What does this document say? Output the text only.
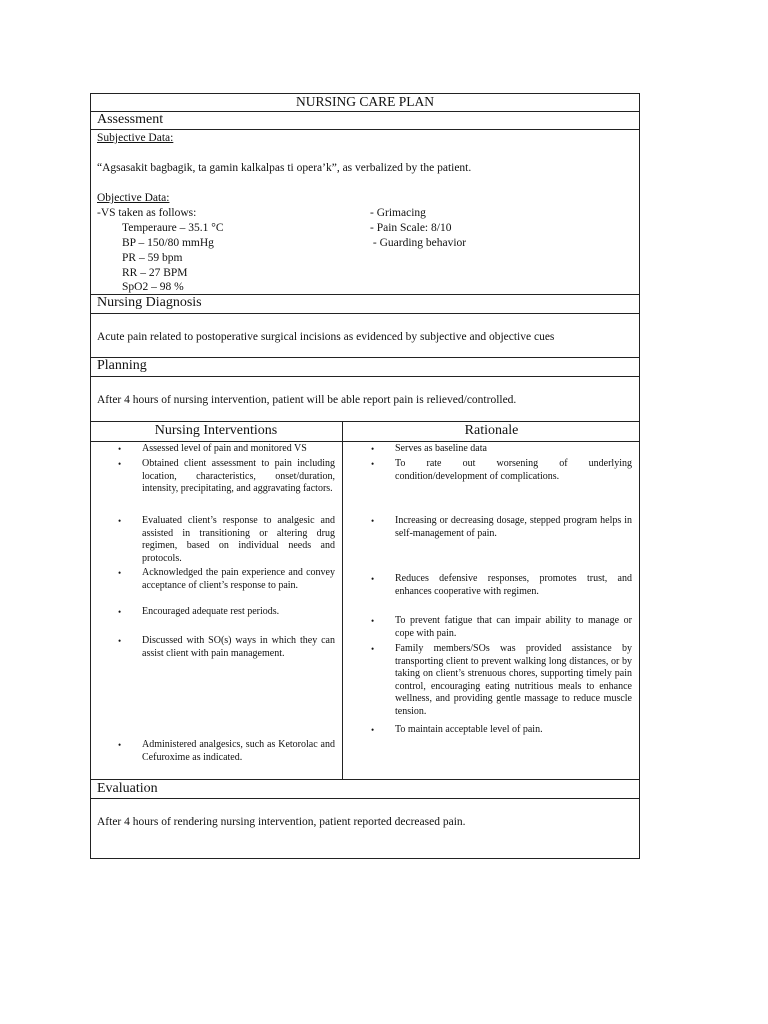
NURSING CARE PLAN
Assessment
Subjective Data:
“Agsasakit bagbagik, ta gamin kalkalpas ti opera’k”, as verbalized by the patient.
Objective Data:
-VS taken as follows:
Temperaure – 35.1 °C
BP – 150/80 mmHg
PR – 59 bpm
RR – 27 BPM
SpO2 – 98 %
- Grimacing
- Pain Scale: 8/10
- Guarding behavior
Nursing Diagnosis
Acute pain related to postoperative surgical incisions as evidenced by subjective and objective cues
Planning
After 4 hours of nursing intervention, patient will be able report pain is relieved/controlled.
Nursing Interventions	Rationale
• Assessed level of pain and monitored VS
• Obtained client assessment to pain including location, characteristics, onset/duration, intensity, precipitating, and aggravating factors.
• Evaluated client’s response to analgesic and assisted in transitioning or altering drug regimen, based on individual needs and protocols.
• Acknowledged the pain experience and convey acceptance of client’s response to pain.
• Encouraged adequate rest periods.
• Discussed with SO(s) ways in which they can assist client with pain management.
• Administered analgesics, such as Ketorolac and Cefuroxime as indicated.
• Serves as baseline data
• To rate out worsening of underlying condition/development of complications.
• Increasing or decreasing dosage, stepped program helps in self-management of pain.
• Reduces defensive responses, promotes trust, and enhances cooperative with regimen.
• To prevent fatigue that can impair ability to manage or cope with pain.
• Family members/SOs was provided assistance by transporting client to prevent walking long distances, or by taking on client’s strenuous chores, supporting timely pain control, encouraging eating nutritious meals to enhance wellness, and providing gentle massage to reduce muscle tension.
• To maintain acceptable level of pain.
Evaluation
After 4 hours of rendering nursing intervention, patient reported decreased pain.
